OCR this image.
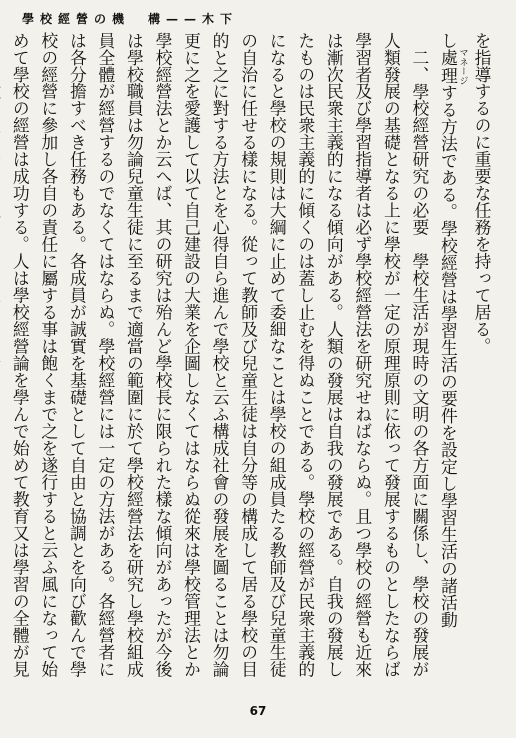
學校經營の機　構——木下

を指導するのに重要な任務を持って居る。

し處理 マネージする方法である。學校經營は學習生活の要件を設定し學習生活の諸活動

二、學校經營研究の必要　學校生活が現時の文明の各方面に關係し、學校の發展が人類發展の基礎となる上に學校が一定の原理原則に依って發展するものとしたならば學習者及び學習指導者は必ず學校經營法を研究せねばならぬ。且つ學校の經營も近來は漸次民衆主義的になる傾向がある。人類の發展は自我の發展である。自我の發展したものは民衆主義的に傾くのは蓋し止むを得ぬことである。學校の經營が民衆主義的になると學校の規則は大綱に止めて委細なことは學校の組成員たる教師及び兒童生徒の自治に任せる樣になる。從って教師及び兒童生徒は自分等の構成して居る學校の目的と之に對する方法とを心得自ら進んで學校と云ふ構成社會の發展を圖ることは勿論更に之を愛護して以て自己建設の大業を企圖しなくてはならぬ從來は學校管理法とか學校經營法とか云へば、其の研究は殆んど學校長に限られた樣な傾向があったが今後は學校職員は勿論兒童生徒に至るまで適當の範圍に於て學校經營法を研究し學校組成員全體が經營するのでなくてはならぬ。學校經營には一定の方法がある。各經營者には各分擔すべき任務もある。各成員が誠實を基礎として自由と協調とを向び歡んで學校の經營に參加し各自の責任に屬する事は飽くまで之を遂行すると云ふ風になって始めて學校の經營は成功する。人は學校經營論を學んで始めて教育又は學習の全體が見

67
